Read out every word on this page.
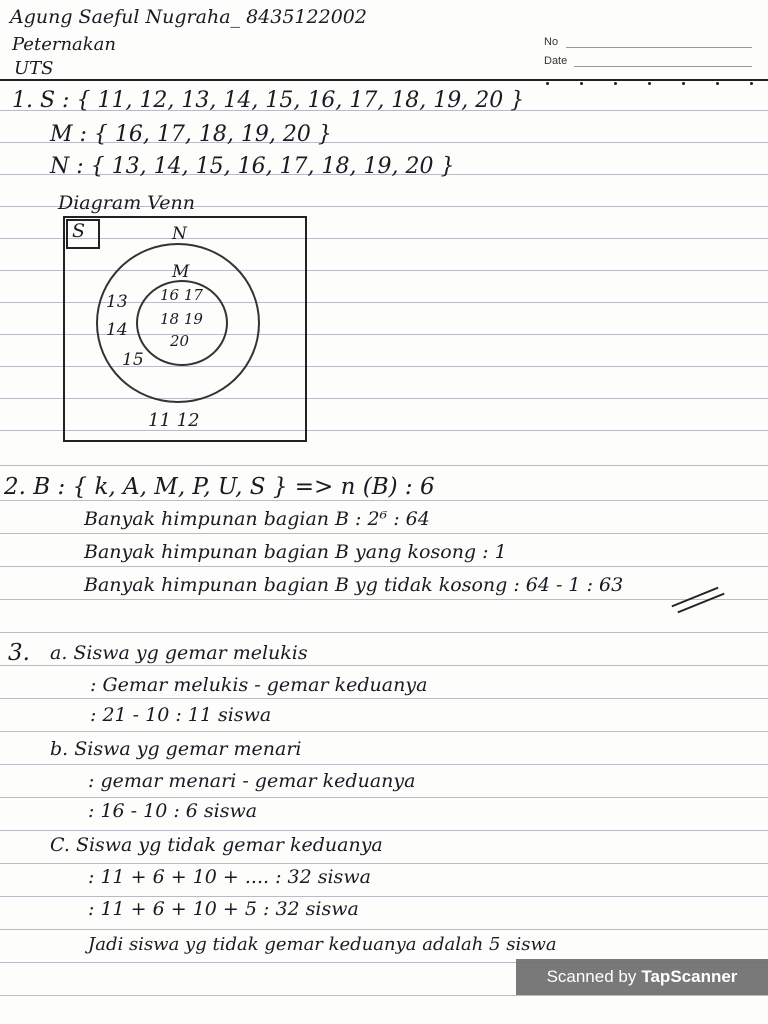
Agung Saeful Nugraha_ 8435122002
Peternakan
UTS
No
Date
1. S : { 11, 12, 13, 14, 15, 16, 17, 18, 19, 20 }
M : { 16, 17, 18, 19, 20 }
N : { 13, 14, 15, 16, 17, 18, 19, 20 }
Diagram Venn
S	N
M
16 17
18 19
20
13
14
15
11 12
2. B : { k, A, M, P, U, S } => n (B) : 6
Banyak himpunan bagian B : 2⁶ : 64
Banyak himpunan bagian B yang kosong : 1
Banyak himpunan bagian B yg tidak kosong : 64 - 1 : 63
3. a. Siswa yg gemar melukis
: Gemar melukis - gemar keduanya
: 21 - 10 : 11 siswa
b. Siswa yg gemar menari
: gemar menari - gemar keduanya
: 16 - 10 : 6 siswa
C. Siswa yg tidak gemar keduanya
: 11 + 6 + 10 + .... : 32 siswa
: 11 + 6 + 10 + 5 : 32 siswa
Jadi siswa yg tidak gemar keduanya adalah 5 siswa
Scanned by TapScanner
